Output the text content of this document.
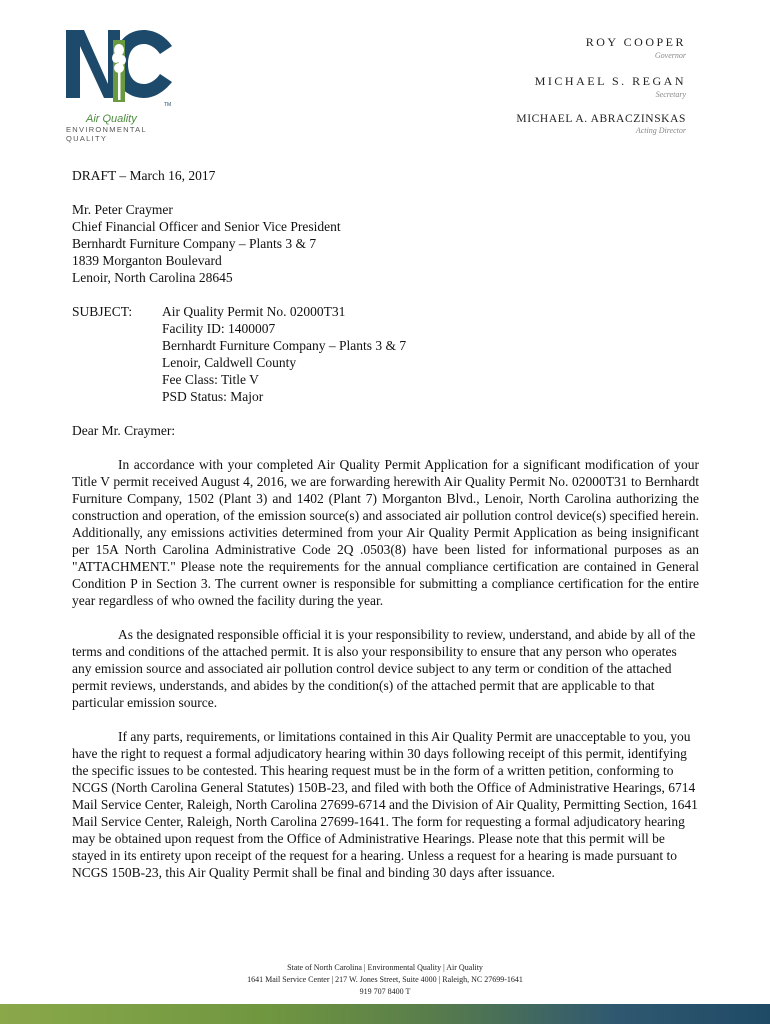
TM
Air Quality
ENVIRONMENTAL QUALITY
ROY COOPER
Governor
MICHAEL S. REGAN
Secretary
MICHAEL A. ABRACZINSKAS
Acting Director

DRAFT – March 16, 2017

Mr. Peter Craymer

Chief Financial Officer and Senior Vice President

Bernhardt Furniture Company – Plants 3 & 7

1839 Morganton Boulevard

Lenoir, North Carolina 28645

SUBJECT:	Air Quality Permit No. 02000T31

Facility ID: 1400007

Bernhardt Furniture Company – Plants 3 & 7

Lenoir, Caldwell County

Fee Class: Title V

PSD Status: Major

Dear Mr. Craymer:

In accordance with your completed Air Quality Permit Application for a significant modification of your Title V permit received August 4, 2016, we are forwarding herewith Air Quality Permit No. 02000T31 to Bernhardt Furniture Company, 1502 (Plant 3) and 1402 (Plant 7) Morganton Blvd., Lenoir, North Carolina authorizing the construction and operation, of the emission source(s) and associated air pollution control device(s) specified herein. Additionally, any emissions activities determined from your Air Quality Permit Application as being insignificant per 15A North Carolina Administrative Code 2Q .0503(8) have been listed for informational purposes as an "ATTACHMENT." Please note the requirements for the annual compliance certification are contained in General Condition P in Section 3. The current owner is responsible for submitting a compliance certification for the entire year regardless of who owned the facility during the year.

As the designated responsible official it is your responsibility to review, understand, and abide by all of the terms and conditions of the attached permit. It is also your responsibility to ensure that any person who operates any emission source and associated air pollution control device subject to any term or condition of the attached permit reviews, understands, and abides by the condition(s) of the attached permit that are applicable to that particular emission source.

If any parts, requirements, or limitations contained in this Air Quality Permit are unacceptable to you, you have the right to request a formal adjudicatory hearing within 30 days following receipt of this permit, identifying the specific issues to be contested. This hearing request must be in the form of a written petition, conforming to NCGS (North Carolina General Statutes) 150B-23, and filed with both the Office of Administrative Hearings, 6714 Mail Service Center, Raleigh, North Carolina 27699-6714 and the Division of Air Quality, Permitting Section, 1641 Mail Service Center, Raleigh, North Carolina 27699-1641. The form for requesting a formal adjudicatory hearing may be obtained upon request from the Office of Administrative Hearings. Please note that this permit will be stayed in its entirety upon receipt of the request for a hearing. Unless a request for a hearing is made pursuant to NCGS 150B-23, this Air Quality Permit shall be final and binding 30 days after issuance.

State of North Carolina | Environmental Quality | Air Quality
1641 Mail Service Center | 217 W. Jones Street, Suite 4000 | Raleigh, NC 27699-1641
919 707 8400 T
